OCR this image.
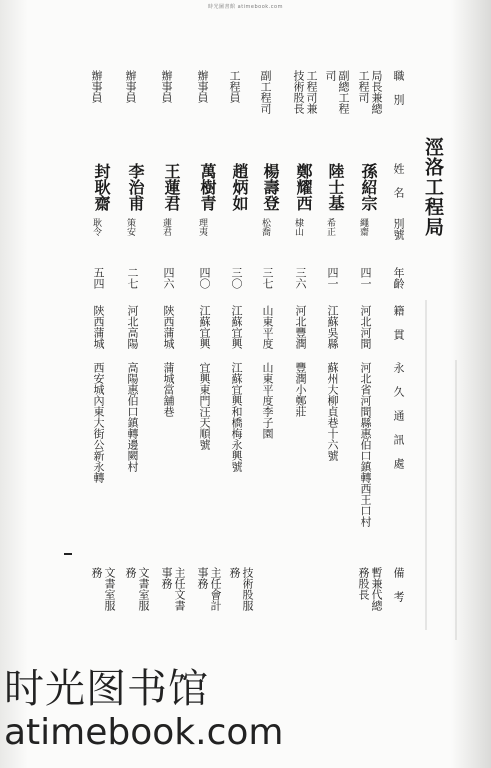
時光圖書館 atimebook.com
涇洛工程局
職 別
姓 名
別號
年齡
籍 貫
永 久 通 訊 處
備 考
局長兼總工程司
孫紹宗
繩齋
四一
河北河間
河北省河間縣惠伯口鎮轉西王口村
暫兼代總務股長
副總工程司
陸士基
希正
四一
江蘇吳縣
蘇州大柳貞巷十六號
工程司兼技術股長
鄭耀西
棣山
三六
河北豐潤
豐潤小鄭莊
副工程司
楊壽登
松喬
三七
山東平度
山東平度李子園
工程員
趙炳如
三〇
江蘇宜興
江蘇宜興和橋梅永興號
技術股服務
辦事員
萬樹青
理夷
四〇
江蘇宜興
宜興東門汪天順號
主任會計事務
辦事員
王蓮君
蓮君
四六
陝西蒲城
蒲城當舖巷
主任文書事務
辦事員
李治甫
策安
二七
河北高陽
高陽惠伯口鎮轉邊闕村
文書室服務
辦事員
封耿齋
耿令
五四
陝西蒲城
西安城內東大街公新永轉
文書室服務
时光图书馆
atimebook.com
